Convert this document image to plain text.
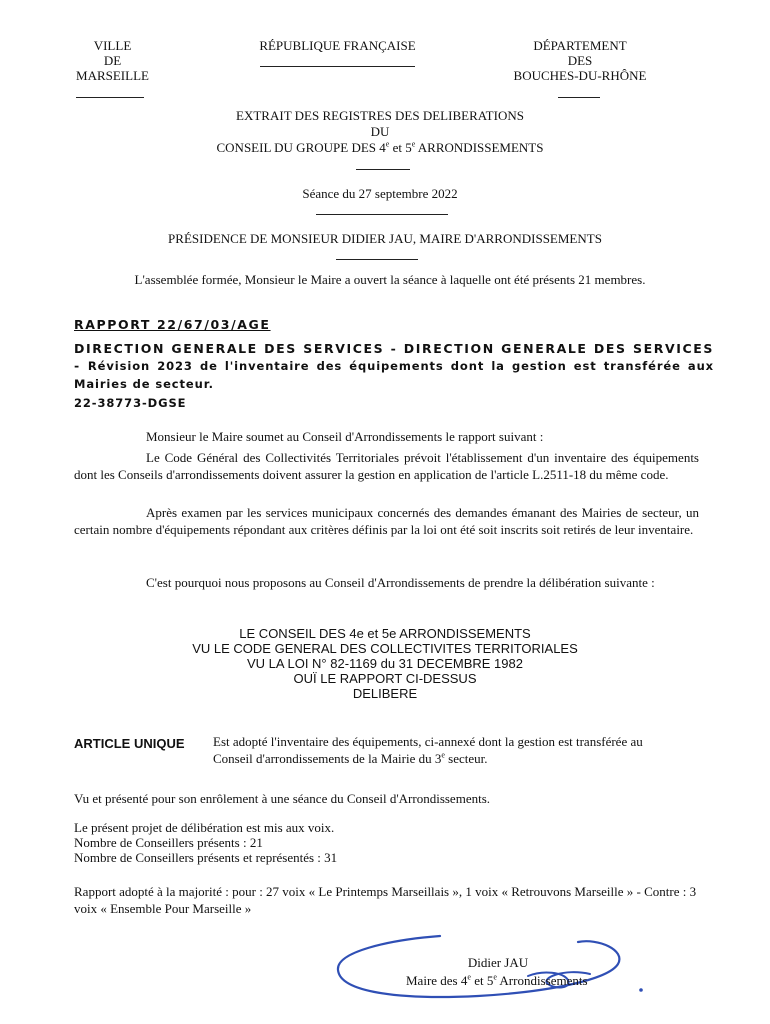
VILLE
DE
MARSEILLE
RÉPUBLIQUE FRANÇAISE	DÉPARTEMENT
DES
BOUCHES-DU-RHÔNE
EXTRAIT DES REGISTRES DES DELIBERATIONS
DU
CONSEIL DU GROUPE DES 4e et 5e ARRONDISSEMENTS
Séance du 27 septembre 2022
PRÉSIDENCE DE MONSIEUR DIDIER JAU, MAIRE D'ARRONDISSEMENTS
L'assemblée formée, Monsieur le Maire a ouvert la séance à laquelle ont été présents 21 membres.
RAPPORT 22/67/03/AGE
DIRECTION GENERALE DES SERVICES - DIRECTION GENERALE DES SERVICES - Révision 2023 de l'inventaire des équipements dont la gestion est transférée aux Mairies de secteur.
22-38773-DGSE
Monsieur le Maire soumet au Conseil d'Arrondissements le rapport suivant :
Le Code Général des Collectivités Territoriales prévoit l'établissement d'un inventaire des équipements dont les Conseils d'arrondissements doivent assurer la gestion en application de l'article L.2511-18 du même code.
Après examen par les services municipaux concernés des demandes émanant des Mairies de secteur, un certain nombre d'équipements répondant aux critères définis par la loi ont été soit inscrits soit retirés de leur inventaire.
C'est pourquoi nous proposons au Conseil d'Arrondissements de prendre la délibération suivante :
LE CONSEIL DES 4e et 5e ARRONDISSEMENTS
VU LE CODE GENERAL DES COLLECTIVITES TERRITORIALES
VU LA LOI N° 82-1169 du 31 DECEMBRE 1982
OUÏ LE RAPPORT CI-DESSUS
DELIBERE
ARTICLE UNIQUE Est adopté l'inventaire des équipements, ci-annexé dont la gestion est transférée au
Conseil d'arrondissements de la Mairie du 3e secteur.
Vu et présenté pour son enrôlement à une séance du Conseil d'Arrondissements.
Le présent projet de délibération est mis aux voix.
Nombre de Conseillers présents : 21
Nombre de Conseillers présents et représentés : 31
Rapport adopté à la majorité : pour : 27 voix « Le Printemps Marseillais », 1 voix « Retrouvons Marseille » - Contre : 3 voix « Ensemble Pour Marseille »
Didier JAU
Maire des 4e et 5e Arrondissements
